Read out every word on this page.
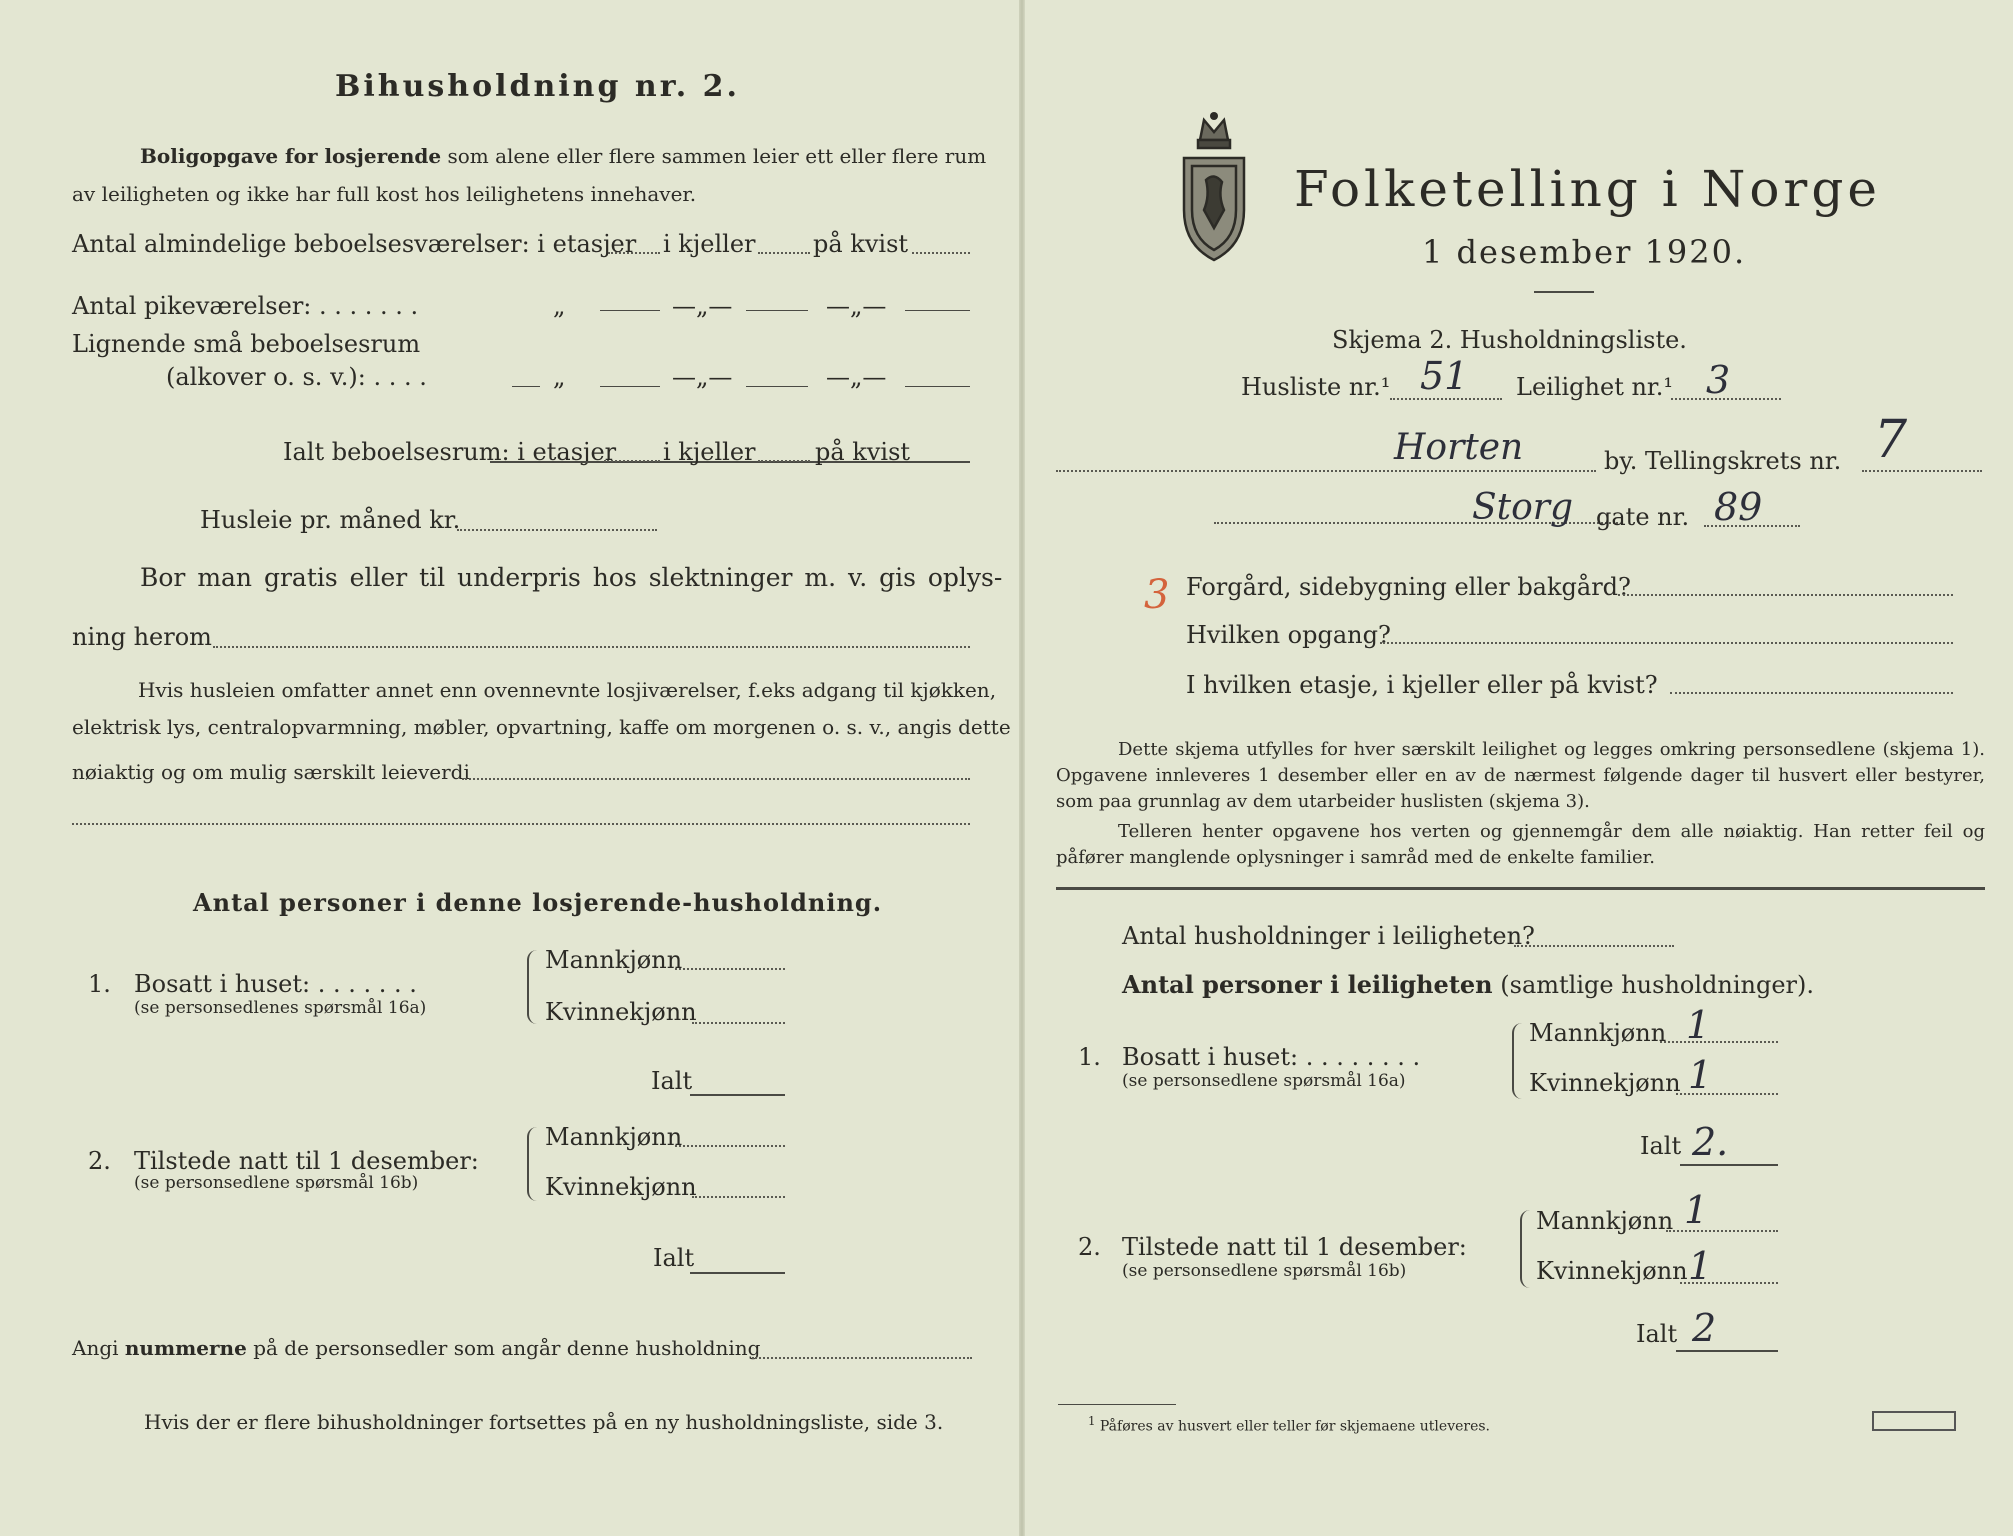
Bihusholdning nr. 2.
Boligopgave for losjerende som alene eller flere sammen leier ett eller flere rum
av leiligheten og ikke har full kost hos leilighetens innehaver.
Antal almindelige beboelsesværelser: i etasjer i kjeller på kvist
Antal pikeværelser: . . . . . . .	„	—„—	—„—
Lignende små beboelsesrum
(alkover o. s. v.): . . . .	„	—„—	—„—
Ialt beboelsesrum: i etasjer i kjeller på kvist
Husleie pr. måned kr.
Bor man gratis eller til underpris hos slektninger m. v. gis oplys-
ning herom
Hvis husleien omfatter annet enn ovennevnte losjiværelser, f.eks adgang til kjøkken,
elektrisk lys, centralopvarmning, møbler, opvartning, kaffe om morgenen o. s. v., angis dette
nøiaktig og om mulig særskilt leieverdi
Antal personer i denne losjerende-husholdning.
1. Bosatt i huset: . . . . . . .
(se personsedlenes spørsmål 16a)
Mannkjønn
Kvinnekjønn
Ialt
2. Tilstede natt til 1 desember:
(se personsedlene spørsmål 16b)
Mannkjønn
Kvinnekjønn
Ialt
Angi nummerne på de personsedler som angår denne husholdning
Hvis der er flere bihusholdninger fortsettes på en ny husholdningsliste, side 3.
Folketelling i Norge
1 desember 1920.
Skjema 2. Husholdningsliste.
Husliste nr.¹ 51 Leilighet nr.¹ 3
Horten	by. Tellingskrets nr. 7
Storg gate nr. 89
3 Forgård, sidebygning eller bakgård?
Hvilken opgang?
I hvilken etasje, i kjeller eller på kvist?
Dette skjema utfylles for hver særskilt leilighet og legges omkring personsedlene (skjema 1). Opgavene innleveres 1 desember eller en av de nærmest følgende dager til husvert eller bestyrer, som paa grunnlag av dem utarbeider huslisten (skjema 3).
Telleren henter opgavene hos verten og gjennemgår dem alle nøiaktig. Han retter feil og påfører manglende oplysninger i samråd med de enkelte familier.
Antal husholdninger i leiligheten?
Antal personer i leiligheten (samtlige husholdninger).
1. Bosatt i huset: . . . . . . . .
(se personsedlene spørsmål 16a)
Mannkjønn 1
Kvinnekjønn 1
Ialt 2.
2. Tilstede natt til 1 desember:
(se personsedlene spørsmål 16b)
Mannkjønn 1
Kvinnekjønn 1
Ialt 2
$^1$ Påføres av husvert eller teller før skjemaene utleveres.
